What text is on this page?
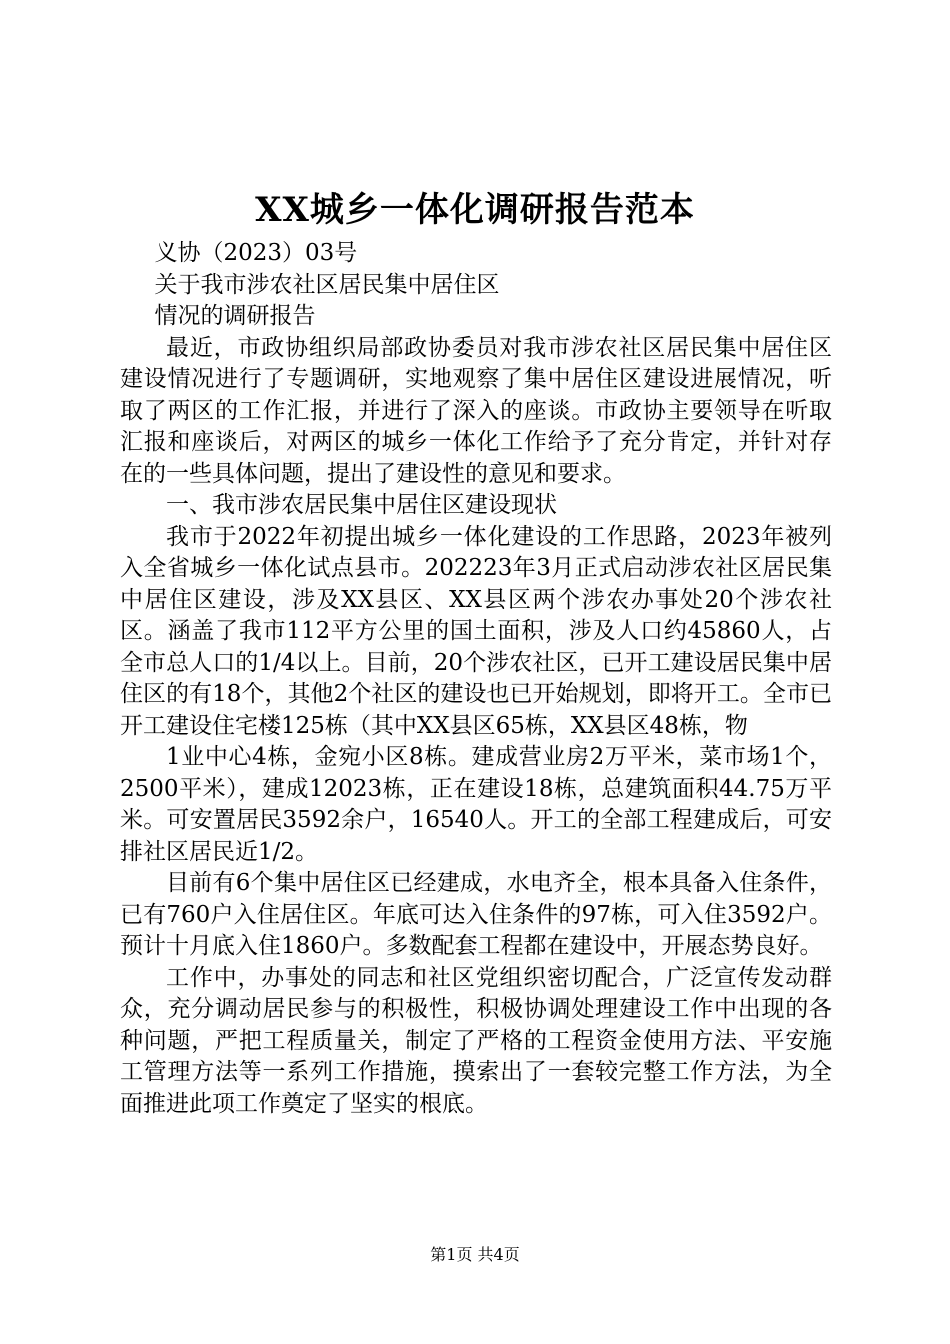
XX城乡一体化调研报告范本

义协（2023）03号

关于我市涉农社区居民集中居住区

情况的调研报告

最近，市政协组织局部政协委员对我市涉农社区居民集中居住区建设情况进行了专题调研，实地观察了集中居住区建设进展情况，听取了两区的工作汇报，并进行了深入的座谈。市政协主要领导在听取汇报和座谈后，对两区的城乡一体化工作给予了充分肯定，并针对存在的一些具体问题，提出了建设性的意见和要求。

一、我市涉农居民集中居住区建设现状

我市于2022年初提出城乡一体化建设的工作思路，2023年被列入全省城乡一体化试点县市。202223年3月正式启动涉农社区居民集中居住区建设，涉及XX县区、XX县区两个涉农办事处20个涉农社区。涵盖了我市112平方公里的国土面积，涉及人口约45860人，占全市总人口的1/4以上。目前，20个涉农社区，已开工建设居民集中居住区的有18个，其他2个社区的建设也已开始规划，即将开工。全市已开工建设住宅楼125栋（其中XX县区65栋，XX县区48栋，物

1业中心4栋，金宛小区8栋。建成营业房2万平米，菜市场1个，2500平米），建成12023栋，正在建设18栋，总建筑面积44.75万平米。可安置居民3592余户，16540人。开工的全部工程建成后，可安排社区居民近1/2。

目前有6个集中居住区已经建成，水电齐全，根本具备入住条件，已有760户入住居住区。年底可达入住条件的97栋，可入住3592户。预计十月底入住1860户。多数配套工程都在建设中，开展态势良好。

工作中，办事处的同志和社区党组织密切配合，广泛宣传发动群众，充分调动居民参与的积极性，积极协调处理建设工作中出现的各种问题，严把工程质量关，制定了严格的工程资金使用方法、平安施工管理方法等一系列工作措施，摸索出了一套较完整工作方法，为全面推进此项工作奠定了坚实的根底。

第1页 共4页
